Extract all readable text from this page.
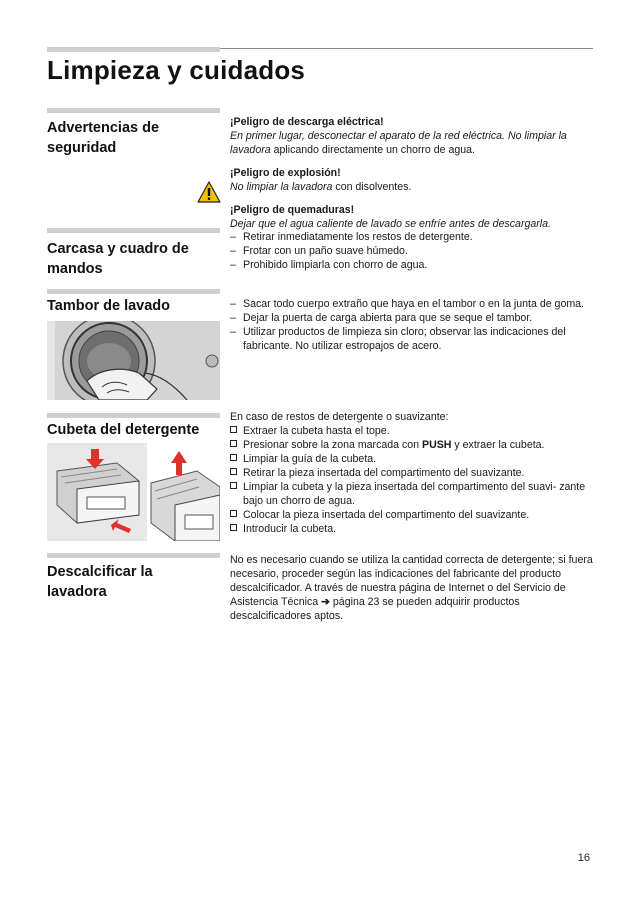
Limpieza y cuidados
Advertencias de seguridad

¡Peligro de descarga eléctrica!

En primer lugar, desconectar el aparato de la red eléctrica. No limpiar la lavadora aplicando directamente un chorro de agua.

¡Peligro de explosión!

No limpiar la lavadora con disolventes.

¡Peligro de quemaduras!

Dejar que el agua caliente de lavado se enfríe antes de descargarla.

Carcasa y cuadro de mandos
– Retirar inmediatamente los restos de detergente.
– Frotar con un paño suave húmedo.
– Prohibido limpiarla con chorro de agua.
Tambor de lavado
–	Sacar todo cuerpo extraño que haya en el tambor o en la junta de goma.
– Dejar la puerta de carga abierta para que se seque el tambor.
– Utilizar productos de limpieza sin cloro; observar las indicaciones del fabricante. No utilizar estropajos de acero.
Cubeta del detergente

En caso de restos de detergente o suavizante:

Extraer la cubeta hasta el tope.
Presionar sobre la zona marcada con PUSH y extraer la cubeta.
Limpiar la guía de la cubeta.
Retirar la pieza insertada del compartimento del suavizante.
Limpiar la cubeta y la pieza insertada del compartimento del suavi- zante bajo un chorro de agua.
Colocar la pieza insertada del compartimento del suavizante.
Introducir la cubeta.
Descalcificar la lavadora

No es necesario cuando se utiliza la cantidad correcta de detergente; si fuera necesario, proceder según las indicaciones del fabricante del producto descalcificador. A través de nuestra página de Internet o del Servicio de Asistencia Técnica ➔ página 23 se pueden adquirir productos descalcificadores aptos.

16
